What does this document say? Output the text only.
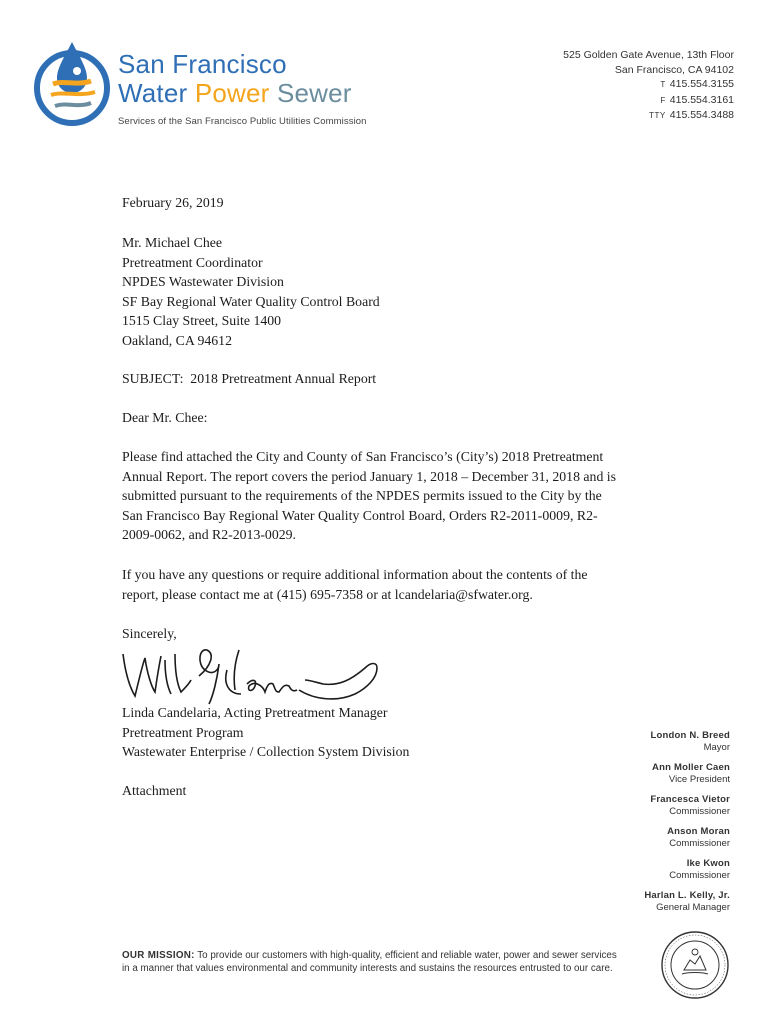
San Francisco
Water Power Sewer
Services of the San Francisco Public Utilities Commission
525 Golden Gate Avenue, 13th Floor
San Francisco, CA 94102
T 415.554.3155
F 415.554.3161
TTY 415.554.3488
February 26, 2019
Mr. Michael Chee
Pretreatment Coordinator
NPDES Wastewater Division
SF Bay Regional Water Quality Control Board
1515 Clay Street, Suite 1400
Oakland, CA 94612
SUBJECT:  2018 Pretreatment Annual Report
Dear Mr. Chee:
Please find attached the City and County of San Francisco’s (City’s) 2018 Pretreatment Annual Report. The report covers the period January 1, 2018 – December 31, 2018 and is submitted pursuant to the requirements of the NPDES permits issued to the City by the San Francisco Bay Regional Water Quality Control Board, Orders R2-2011-0009, R2-2009-0062, and R2-2013-0029.
If you have any questions or require additional information about the contents of the report, please contact me at (415) 695-7358 or at lcandelaria@sfwater.org.
Sincerely,
Linda Candelaria, Acting Pretreatment Manager
Pretreatment Program
Wastewater Enterprise / Collection System Division
Attachment
London N. Breed
Mayor
Ann Moller Caen
Vice President
Francesca Vietor
Commissioner
Anson Moran
Commissioner
Ike Kwon
Commissioner
Harlan L. Kelly, Jr.
General Manager
OUR MISSION: To provide our customers with high-quality, efficient and reliable water, power and sewer services in a manner that values environmental and community interests and sustains the resources entrusted to our care.
